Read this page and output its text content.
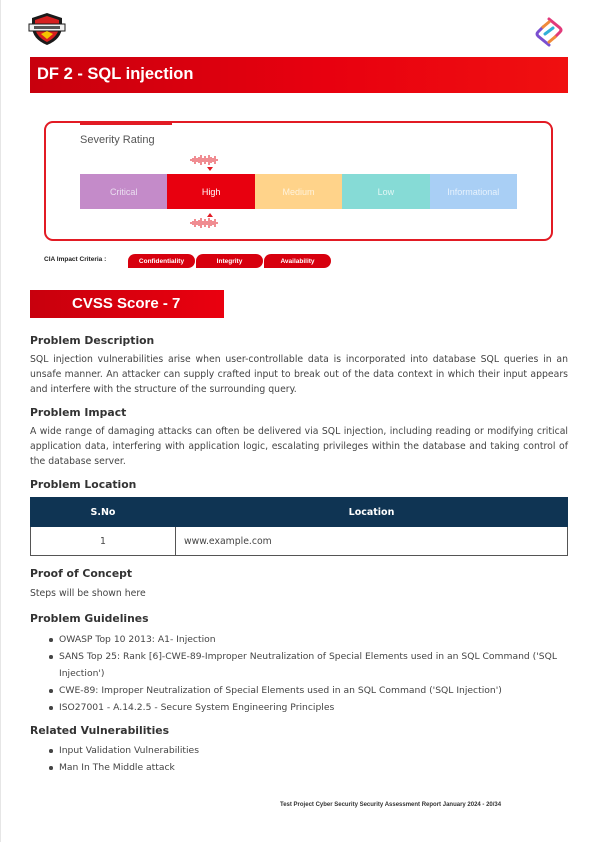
DF 2 - SQL injection
Severity Rating
Critical	High	Medium	Low	Informational
CIA Impact Criteria :	Confidentiality	Integrity	Availability
CVSS Score - 7
Problem Description
SQL injection vulnerabilities arise when user-controllable data is incorporated into database SQL queries in an unsafe manner. An attacker can supply crafted input to break out of the data context in which their input appears and interfere with the structure of the surrounding query.
Problem Impact
A wide range of damaging attacks can often be delivered via SQL injection, including reading or modifying critical application data, interfering with application logic, escalating privileges within the database and taking control of the database server.
Problem Location
S.No	Location
1	www.example.com
Proof of Concept
Steps will be shown here
Problem Guidelines
OWASP Top 10 2013: A1- Injection
SANS Top 25: Rank [6]-CWE-89-Improper Neutralization of Special Elements used in an SQL Command ('SQL Injection')
CWE-89: Improper Neutralization of Special Elements used in an SQL Command ('SQL Injection')
ISO27001 - A.14.2.5 - Secure System Engineering Principles
Related Vulnerabilities
Input Validation Vulnerabilities
Man In The Middle attack
Test Project Cyber Security Security Assessment Report January 2024 - 20/34
